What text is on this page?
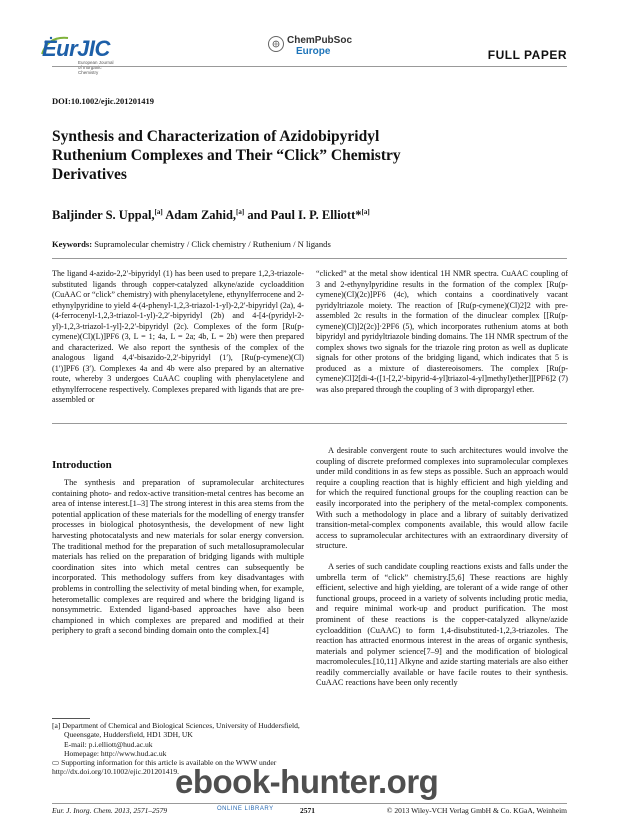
EurJIC
European Journal
of Inorganic Chemistry
ChemPubSoc
Europe	FULL PAPER
DOI:10.1002/ejic.201201419
Synthesis and Characterization of Azidobipyridyl Ruthenium Complexes and Their “Click” Chemistry Derivatives
Baljinder S. Uppal,[a] Adam Zahid,[a] and Paul I. P. Elliott*[a]
Keywords: Supramolecular chemistry / Click chemistry / Ruthenium / N ligands
The ligand 4-azido-2,2′-bipyridyl (1) has been used to prepare 1,2,3-triazole-substituted ligands through copper-catalyzed alkyne/azide cycloaddition (CuAAC or “click” chemistry) with phenylacetylene, ethynylferrocene and 2-ethynylpyridine to yield 4-(4-phenyl-1,2,3-triazol-1-yl)-2,2′-bipyridyl (2a), 4-(4-ferrocenyl-1,2,3-triazol-1-yl)-2,2′-bipyridyl (2b) and 4-[4-(pyridyl-2-yl)-1,2,3-triazol-1-yl]-2,2′-bipyridyl (2c). Complexes of the form [Ru(p-cymene)(Cl)(L)]PF6 (3, L = 1; 4a, L = 2a; 4b, L = 2b) were then prepared and characterized. We also report the synthesis of the complex of the analogous ligand 4,4′-bisazido-2,2′-bipyridyl (1′), [Ru(p-cymene)(Cl)(1′)]PF6 (3′). Complexes 4a and 4b were also prepared by an alternative route, whereby 3 undergoes CuAAC coupling with phenylacetylene and ethynylferrocene respectively. Complexes prepared with ligands that are pre-assembled or
“clicked” at the metal show identical 1H NMR spectra. CuAAC coupling of 3 and 2-ethynylpyridine results in the formation of the complex [Ru(p-cymene)(Cl)(2c)]PF6 (4c), which contains a coordinatively vacant pyridyltriazole moiety. The reaction of [Ru(p-cymene)(Cl)2]2 with pre-assembled 2c results in the formation of the dinuclear complex [[Ru(p-cymene)(Cl)]2(2c)]·2PF6 (5), which incorporates ruthenium atoms at both bipyridyl and pyridyltriazole binding domains. The 1H NMR spectrum of the complex shows two signals for the triazole ring proton as well as duplicate signals for other protons of the bridging ligand, which indicates that 5 is produced as a mixture of diastereoisomers. The complex [Ru(p-cymene)Cl]2[di-4-([1-[2,2′-bipyrid-4-yl]triazol-4-yl]methyl)ether]][PF6]2 (7) was also prepared through the coupling of 3 with dipropargyl ether.
Introduction

The synthesis and preparation of supramolecular architectures containing photo- and redox-active transition-metal centres has become an area of intense interest.[1–3] The strong interest in this area stems from the potential application of these materials for the modelling of energy transfer processes in biological photosynthesis, the development of new light harvesting photocatalysts and new materials for solar energy conversion. The traditional method for the preparation of such metallosupramolecular materials has relied on the preparation of bridging ligands with multiple coordination sites into which metal centres can subsequently be incorporated. This methodology suffers from key disadvantages with problems in controlling the selectivity of metal binding when, for example, heterometallic complexes are required and where the bridging ligand is nonsymmetric. Extended ligand-based approaches have also been championed in which complexes are prepared and modified at their periphery to graft a second binding domain onto the complex.[4]

A desirable convergent route to such architectures would involve the coupling of discrete preformed complexes into supramolecular complexes under mild conditions in as few steps as possible. Such an approach would require a coupling reaction that is highly efficient and high yielding and for which the required functional groups for the coupling reaction can be easily incorporated into the periphery of the metal-complex components. With such a methodology in place and a library of suitably derivatized transition-metal-complex components available, this would allow facile access to supramolecular architectures with an extraordinary diversity of structure.

A series of such candidate coupling reactions exists and falls under the umbrella term of “click” chemistry.[5,6] These reactions are highly efficient, selective and high yielding, are tolerant of a wide range of other functional groups, proceed in a variety of solvents including protic media, and require minimal work-up and product purification. The most prominent of these reactions is the copper-catalyzed alkyne/azide cycloaddition (CuAAC) to form 1,4-disubstituted-1,2,3-triazoles. The reaction has attracted enormous interest in the areas of organic synthesis, materials and polymer science[7–9] and the modification of biological macromolecules.[10,11] Alkyne and azide starting materials are also either readily commercially available or have facile routes to their synthesis. CuAAC reactions have been only recently

[a] Department of Chemical and Biological Sciences, University of Huddersfield,
Queensgate, Huddersfield, HD1 3DH, UK
E-mail: p.i.elliott@hud.ac.uk
Homepage: http://www.hud.ac.uk
▭ Supporting information for this article is available on the WWW under http://dx.doi.org/10.1002/ejic.201201419.
ebook-hunter.org
Eur. J. Inorg. Chem. 2013, 2571–2579	ONLINE LIBRARY	2571	© 2013 Wiley-VCH Verlag GmbH & Co. KGaA, Weinheim
